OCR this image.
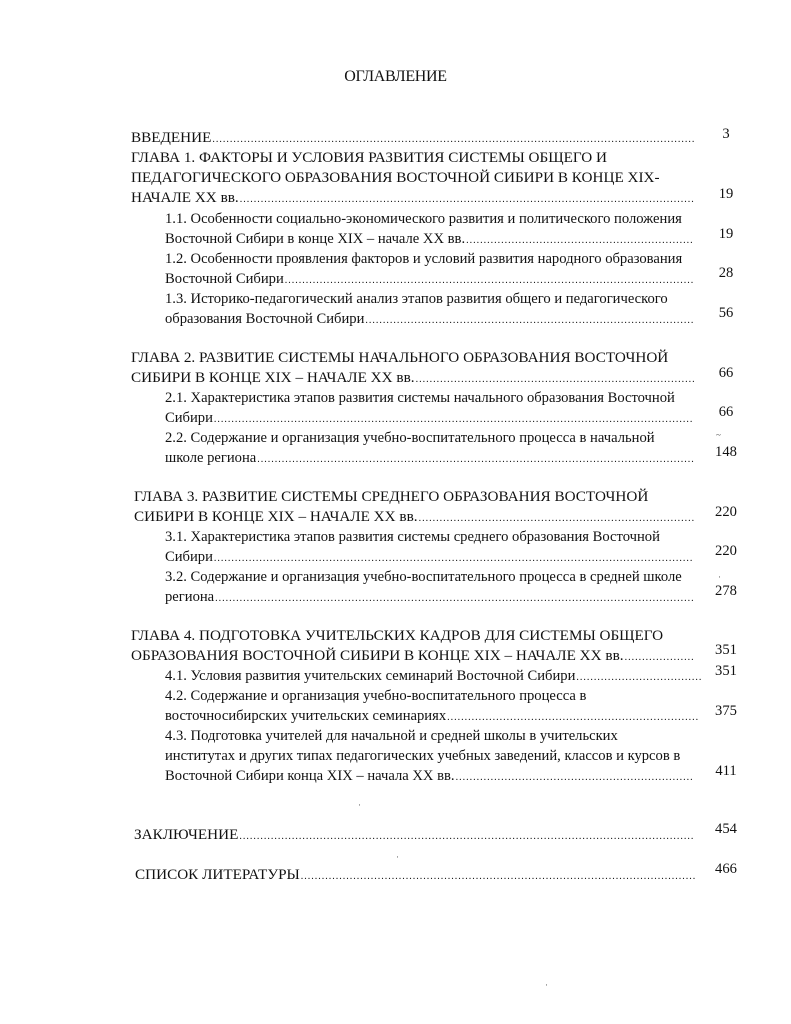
ОГЛАВЛЕНИЕ
ВВЕДЕНИЕ .....	3
ГЛАВА 1. ФАКТОРЫ И УСЛОВИЯ РАЗВИТИЯ СИСТЕМЫ ОБЩЕГО И
ПЕДАГОГИЧЕСКОГО ОБРАЗОВАНИЯ ВОСТОЧНОЙ СИБИРИ В КОНЦЕ XIX-
НАЧАЛЕ XX вв. .....	19
1.1. Особенности социально-экономического развития и политического положения
Восточной Сибири в конце XIX – начале XX вв. .....	19
1.2. Особенности проявления факторов и условий развития народного образования
Восточной Сибири .....	28
1.3. Историко-педагогический анализ этапов развития общего и педагогического
образования Восточной Сибири .....	56
ГЛАВА 2. РАЗВИТИЕ СИСТЕМЫ НАЧАЛЬНОГО ОБРАЗОВАНИЯ ВОСТОЧНОЙ
СИБИРИ В КОНЦЕ XIX – НАЧАЛЕ XX вв. .....	66
2.1. Характеристика этапов развития системы начального образования Восточной
Сибири .....	66
2.2. Содержание и организация учебно-воспитательного процесса в начальной
школе региона .....	148
ГЛАВА 3. РАЗВИТИЕ СИСТЕМЫ СРЕДНЕГО ОБРАЗОВАНИЯ ВОСТОЧНОЙ
СИБИРИ В КОНЦЕ XIX – НАЧАЛЕ XX вв. .....	220
3.1. Характеристика этапов развития системы среднего образования Восточной
Сибири .....	220
3.2. Содержание и организация учебно-воспитательного процесса в средней школе
региона .....	278
ГЛАВА 4. ПОДГОТОВКА УЧИТЕЛЬСКИХ КАДРОВ ДЛЯ СИСТЕМЫ ОБЩЕГО
ОБРАЗОВАНИЯ ВОСТОЧНОЙ СИБИРИ В КОНЦЕ XIX – НАЧАЛЕ XX вв. .....	351
4.1. Условия развития учительских семинарий Восточной Сибири .....	351
4.2. Содержание и организация учебно-воспитательного процесса в
восточносибирских учительских семинариях .....	375
4.3. Подготовка учителей для начальной и средней школы в учительских
институтах и других типах педагогических учебных заведений, классов и курсов в
Восточной Сибири конца XIX – начала XX вв. .....	411
ЗАКЛЮЧЕНИЕ .....	454
СПИСОК ЛИТЕРАТУРЫ .....	466
~
·
·
·
·
